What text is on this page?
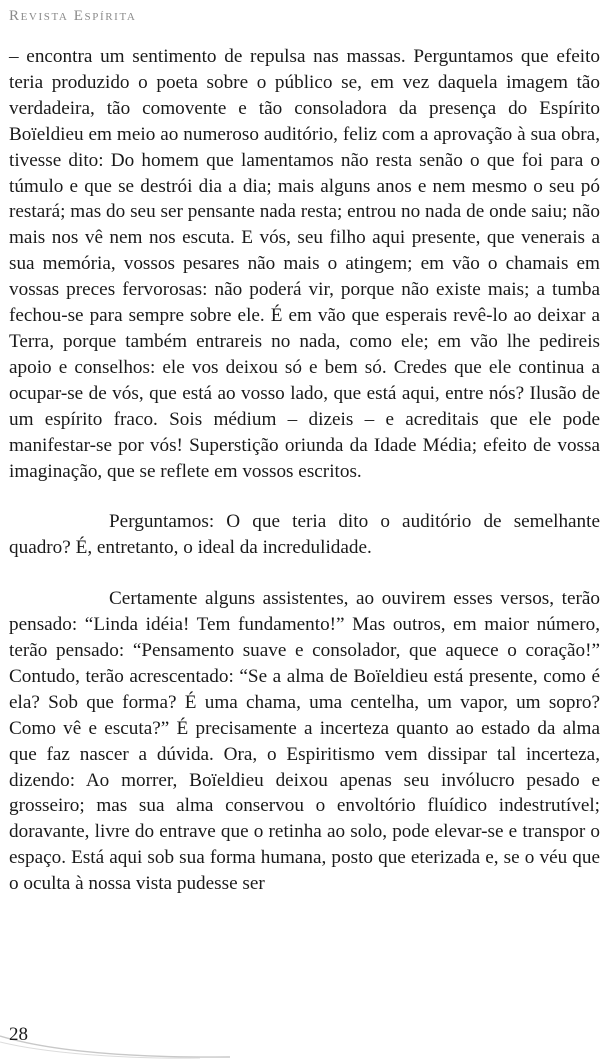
Revista Espírita

– encontra um sentimento de repulsa nas massas. Perguntamos que efeito teria produzido o poeta sobre o público se, em vez daquela imagem tão verdadeira, tão comovente e tão consoladora da presença do Espírito Boïeldieu em meio ao numeroso auditório, feliz com a aprovação à sua obra, tivesse dito: Do homem que lamentamos não resta senão o que foi para o túmulo e que se destrói dia a dia; mais alguns anos e nem mesmo o seu pó restará; mas do seu ser pensante nada resta; entrou no nada de onde saiu; não mais nos vê nem nos escuta. E vós, seu filho aqui presente, que venerais a sua memória, vossos pesares não mais o atingem; em vão o chamais em vossas preces fervorosas: não poderá vir, porque não existe mais; a tumba fechou-se para sempre sobre ele. É em vão que esperais revê-lo ao deixar a Terra, porque também entrareis no nada, como ele; em vão lhe pedireis apoio e conselhos: ele vos deixou só e bem só. Credes que ele continua a ocupar-se de vós, que está ao vosso lado, que está aqui, entre nós? Ilusão de um espírito fraco. Sois médium – dizeis – e acreditais que ele pode manifestar-se por vós! Superstição oriunda da Idade Média; efeito de vossa imaginação, que se reflete em vossos escritos.

Perguntamos: O que teria dito o auditório de semelhante quadro? É, entretanto, o ideal da incredulidade.

Certamente alguns assistentes, ao ouvirem esses versos, terão pensado: “Linda idéia! Tem fundamento!” Mas outros, em maior número, terão pensado: “Pensamento suave e consolador, que aquece o coração!” Contudo, terão acrescentado: “Se a alma de Boïeldieu está presente, como é ela? Sob que forma? É uma chama, uma centelha, um vapor, um sopro? Como vê e escuta?” É precisamente a incerteza quanto ao estado da alma que faz nascer a dúvida. Ora, o Espiritismo vem dissipar tal incerteza, dizendo: Ao morrer, Boïeldieu deixou apenas seu invólucro pesado e grosseiro; mas sua alma conservou o envoltório fluídico indestrutível; doravante, livre do entrave que o retinha ao solo, pode elevar-se e transpor o espaço. Está aqui sob sua forma humana, posto que eterizada e, se o véu que o oculta à nossa vista pudesse ser

28
